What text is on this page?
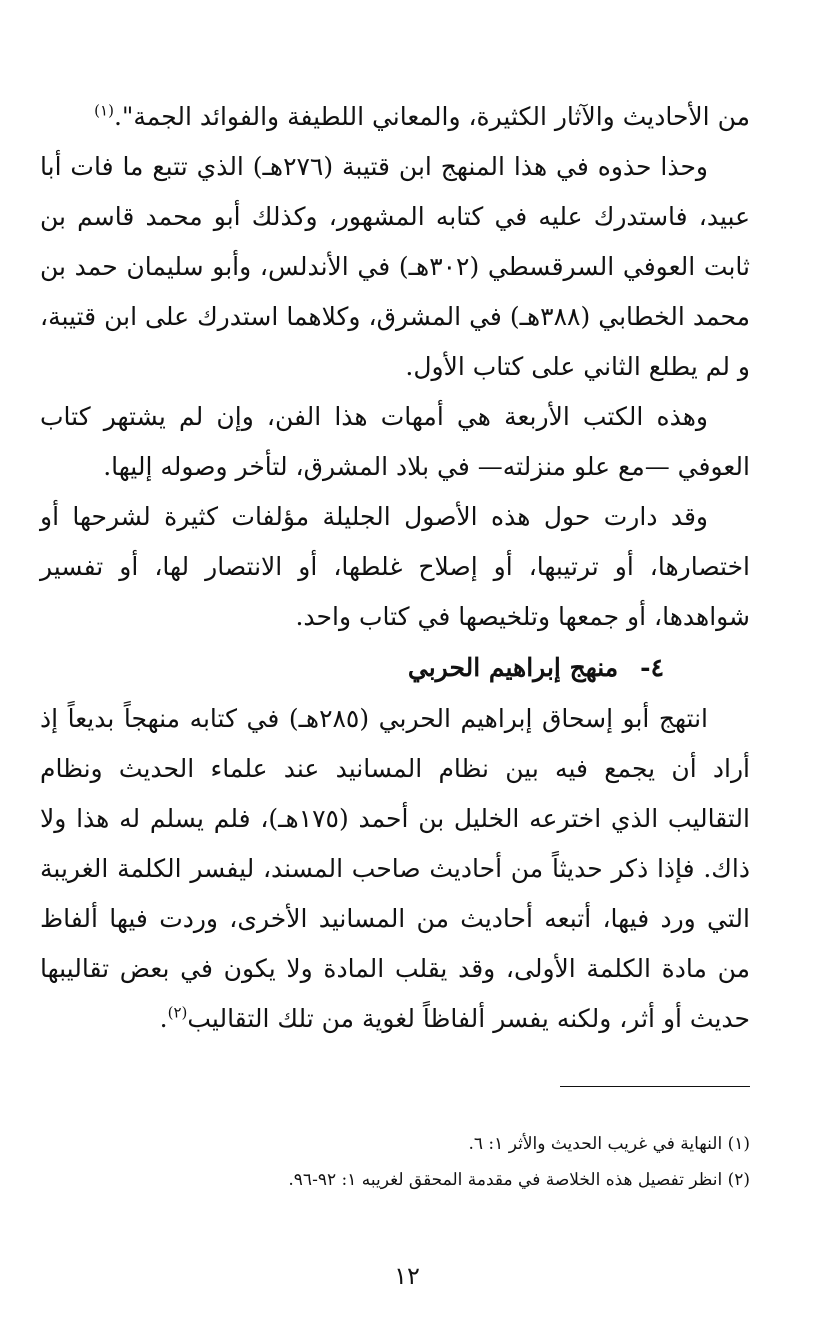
من الأحاديث والآثار الكثيرة، والمعاني اللطيفة والفوائد الجمة".$^{(١)}$

وحذا حذوه في هذا المنهج ابن قتيبة (٢٧٦هـ) الذي تتبع ما فات أبا عبيد، فاستدرك عليه في كتابه المشهور، وكذلك أبو محمد قاسم بن ثابت العوفي السرقسطي (٣٠٢هـ) في الأندلس، وأبو سليمان حمد بن محمد الخطابي (٣٨٨هـ) في المشرق، وكلاهما استدرك على ابن قتيبة، و لم يطلع الثاني على كتاب الأول.

وهذه الكتب الأربعة هي أمهات هذا الفن، وإن لم يشتهر كتاب العوفي —مع علو منزلته— في بلاد المشرق، لتأخر وصوله إليها.

وقد دارت حول هذه الأصول الجليلة مؤلفات كثيرة لشرحها أو اختصارها، أو ترتيبها، أو إصلاح غلطها، أو الانتصار لها، أو تفسير شواهدها، أو جمعها وتلخيصها في كتاب واحد.

٤-منهج إبراهيم الحربي

انتهج أبو إسحاق إبراهيم الحربي (٢٨٥هـ) في كتابه منهجاً بديعاً إذ أراد أن يجمع فيه بين نظام المسانيد عند علماء الحديث ونظام التقاليب الذي اخترعه الخليل بن أحمد (١٧٥هـ)، فلم يسلم له هذا ولا ذاك. فإذا ذكر حديثاً من أحاديث صاحب المسند، ليفسر الكلمة الغريبة التي ورد فيها، أتبعه أحاديث من المسانيد الأخرى، وردت فيها ألفاظ من مادة الكلمة الأولى، وقد يقلب المادة ولا يكون في بعض تقاليبها حديث أو أثر، ولكنه يفسر ألفاظاً لغوية من تلك التقاليب$^{(٢)}$.

(١) النهاية في غريب الحديث والأثر ١: ٦.

(٢) انظر تفصيل هذه الخلاصة في مقدمة المحقق لغريبه ١: ٩٢-٩٦.

١٢
